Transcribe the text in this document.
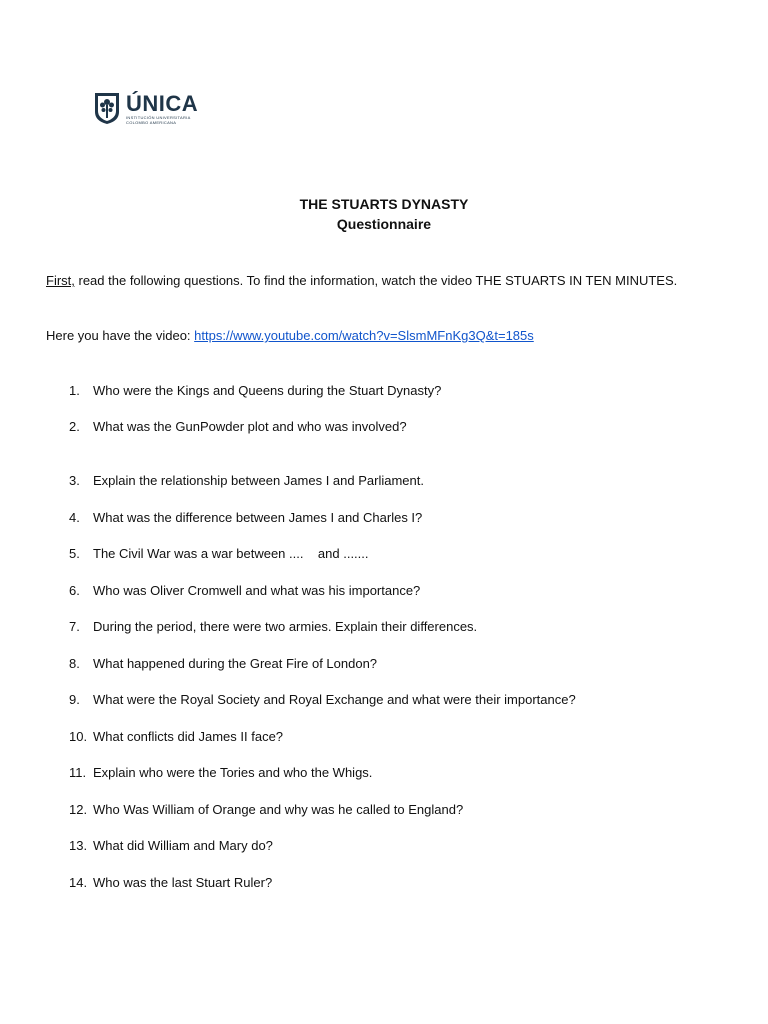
ÚNICA
INSTITUCIÓN UNIVERSITARIA
COLOMBO AMERICANA
THE STUARTS DYNASTY
Questionnaire
First, read the following questions. To find the information, watch the video THE STUARTS IN TEN MINUTES.
Here you have the video: https://www.youtube.com/watch?v=SlsmMFnKg3Q&t=185s
1.	Who were the Kings and Queens during the Stuart Dynasty?
2.	What was the GunPowder plot and who was involved?
3.	Explain the relationship between James I and Parliament.
4.	What was the difference between James I and Charles I?
5.	The Civil War was a war between ....    and .......
6.	Who was Oliver Cromwell and what was his importance?
7.	During the period, there were two armies. Explain their differences.
8.	What happened during the Great Fire of London?
9.	What were the Royal Society and Royal Exchange and what were their importance?
10. What conflicts did James II face?
11. Explain who were the Tories and who the Whigs.
12. Who Was William of Orange and why was he called to England?
13. What did William and Mary do?
14. Who was the last Stuart Ruler?
